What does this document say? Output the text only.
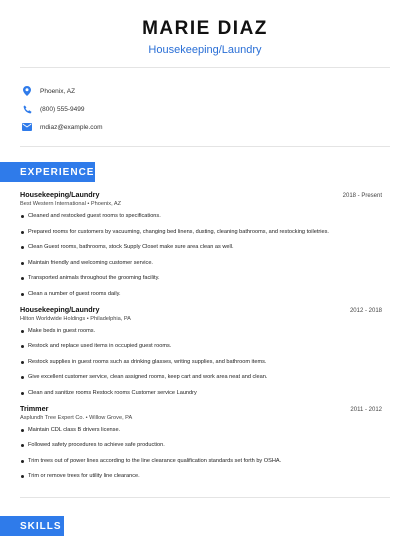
MARIE DIAZ
Housekeeping/Laundry
Phoenix, AZ
(800) 555-9499
mdiaz@example.com
EXPERIENCE
Housekeeping/Laundry	2018 - Present
Best Western International • Phoenix, AZ
Cleaned and restocked guest rooms to specifications.
Prepared rooms for customers by vacuuming, changing bed linens, dusting, cleaning bathrooms, and restocking toiletries.
Clean Guest rooms, bathrooms, stock Supply Closet make sure area clean as well.
Maintain friendly and welcoming customer service.
Transported animals throughout the grooming facility.
Clean a number of guest rooms daily.
Housekeeping/Laundry	2012 - 2018
Hilton Worldwide Holdings • Philadelphia, PA
Make beds in guest rooms.
Restock and replace used items in occupied guest rooms.
Restock supplies in guest rooms such as drinking glasses, writing supplies, and bathroom items.
Give excellent customer service, clean assigned rooms, keep cart and work area neat and clean.
Clean and sanitize rooms Restock rooms Customer service Laundry
Trimmer	2011 - 2012
Asplundh Tree Expert Co. • Willow Grove, PA
Maintain CDL class B drivers license.
Followed safety procedures to achieve safe production.
Trim trees out of power lines according to the line clearance qualification standards set forth by OSHA.
Trim or remove trees for utility line clearance.
SKILLS
